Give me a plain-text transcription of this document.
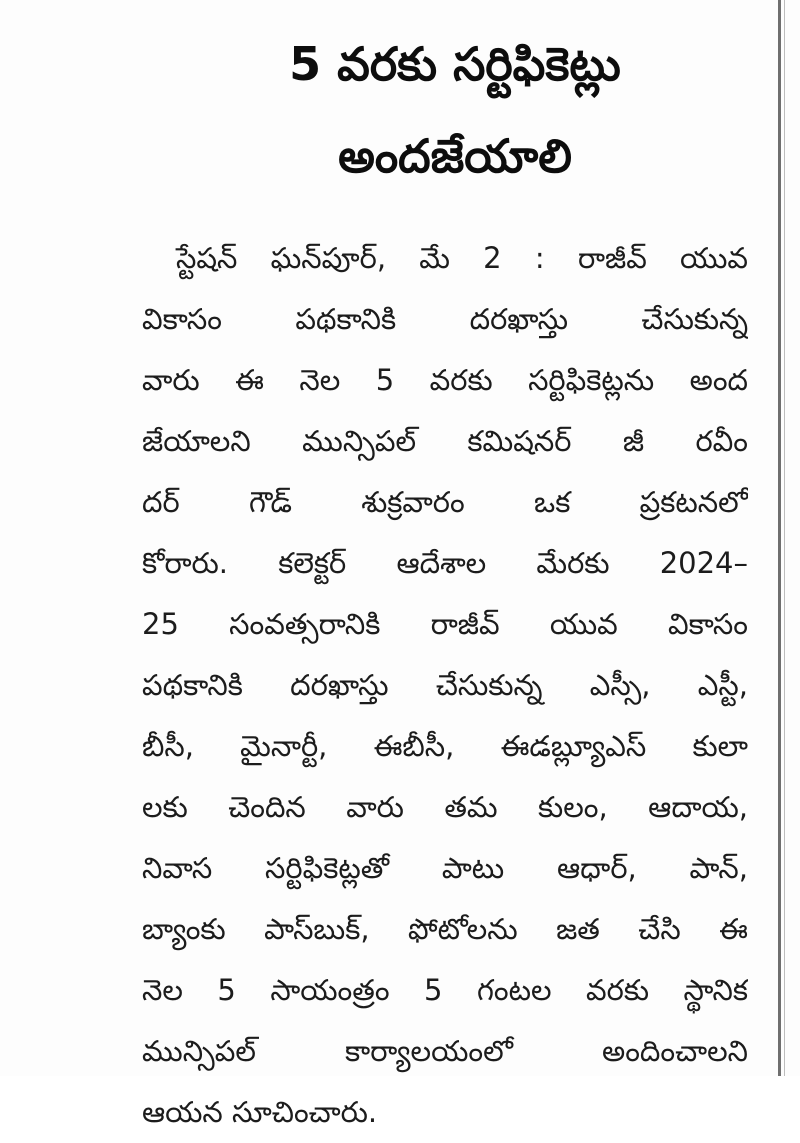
5 వరకు సర్టిఫికెట్లు
అందజేయాలి
స్టేషన్ ఘన్‌పూర్, మే 2 : రాజీవ్ యువ
వికాసం పథకానికి దరఖాస్తు చేసుకున్న
వారు ఈ నెల 5 వరకు సర్టిఫికెట్లను అంద
జేయాలని మున్సిపల్ కమిషనర్ జీ రవీం
దర్ గౌడ్ శుక్రవారం ఒక ప్రకటనలో
కోరారు. కలెక్టర్ ఆదేశాల మేరకు 2024–
25 సంవత్సరానికి రాజీవ్ యువ వికాసం
పథకానికి దరఖాస్తు చేసుకున్న ఎస్సీ, ఎస్టీ,
బీసీ, మైనార్టీ, ఈబీసీ, ఈడబ్ల్యూఎస్ కులా
లకు చెందిన వారు తమ కులం, ఆదాయ,
నివాస సర్టిఫికెట్లతో పాటు ఆధార్, పాన్,
బ్యాంకు పాస్‌బుక్, ఫోటోలను జత చేసి ఈ
నెల 5 సాయంత్రం 5 గంటల వరకు స్థానిక
మున్సిపల్ కార్యాలయంలో అందించాలని
ఆయన సూచించారు.
